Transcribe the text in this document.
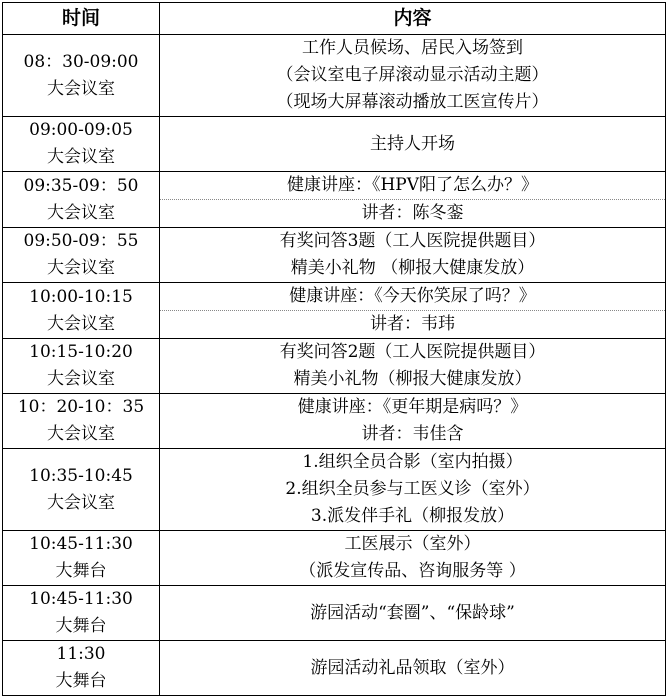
时间	内容

08：30-09:00
大会议室	工作人员候场、居民入场签到
（会议室电子屏滚动显示活动主题）
（现场大屏幕滚动播放工医宣传片）

09:00-09:05
大会议室	主持人开场

09:35-09：50
大会议室	健康讲座：《HPV阳了怎么办？》
讲者：陈冬銮

09:50-09：55
大会议室	有奖问答3题（工人医院提供题目）
精美小礼物 （柳报大健康发放）

10:00-10:15
大会议室	健康讲座：《今天你笑尿了吗？》
讲者：韦玮

10:15-10:20
大会议室	有奖问答2题（工人医院提供题目）
精美小礼物（柳报大健康发放）

10：20-10：35
大会议室	健康讲座：《更年期是病吗？》
讲者：韦佳含

10:35-10:45
大会议室	1.组织全员合影（室内拍摄）
2.组织全员参与工医义诊（室外）
3.派发伴手礼（柳报发放）

10:45-11:30
大舞台	工医展示（室外）
（派发宣传品、咨询服务等 ）

10:45-11:30
大舞台	游园活动“套圈”、“保龄球”

11:30
大舞台	游园活动礼品领取（室外）
